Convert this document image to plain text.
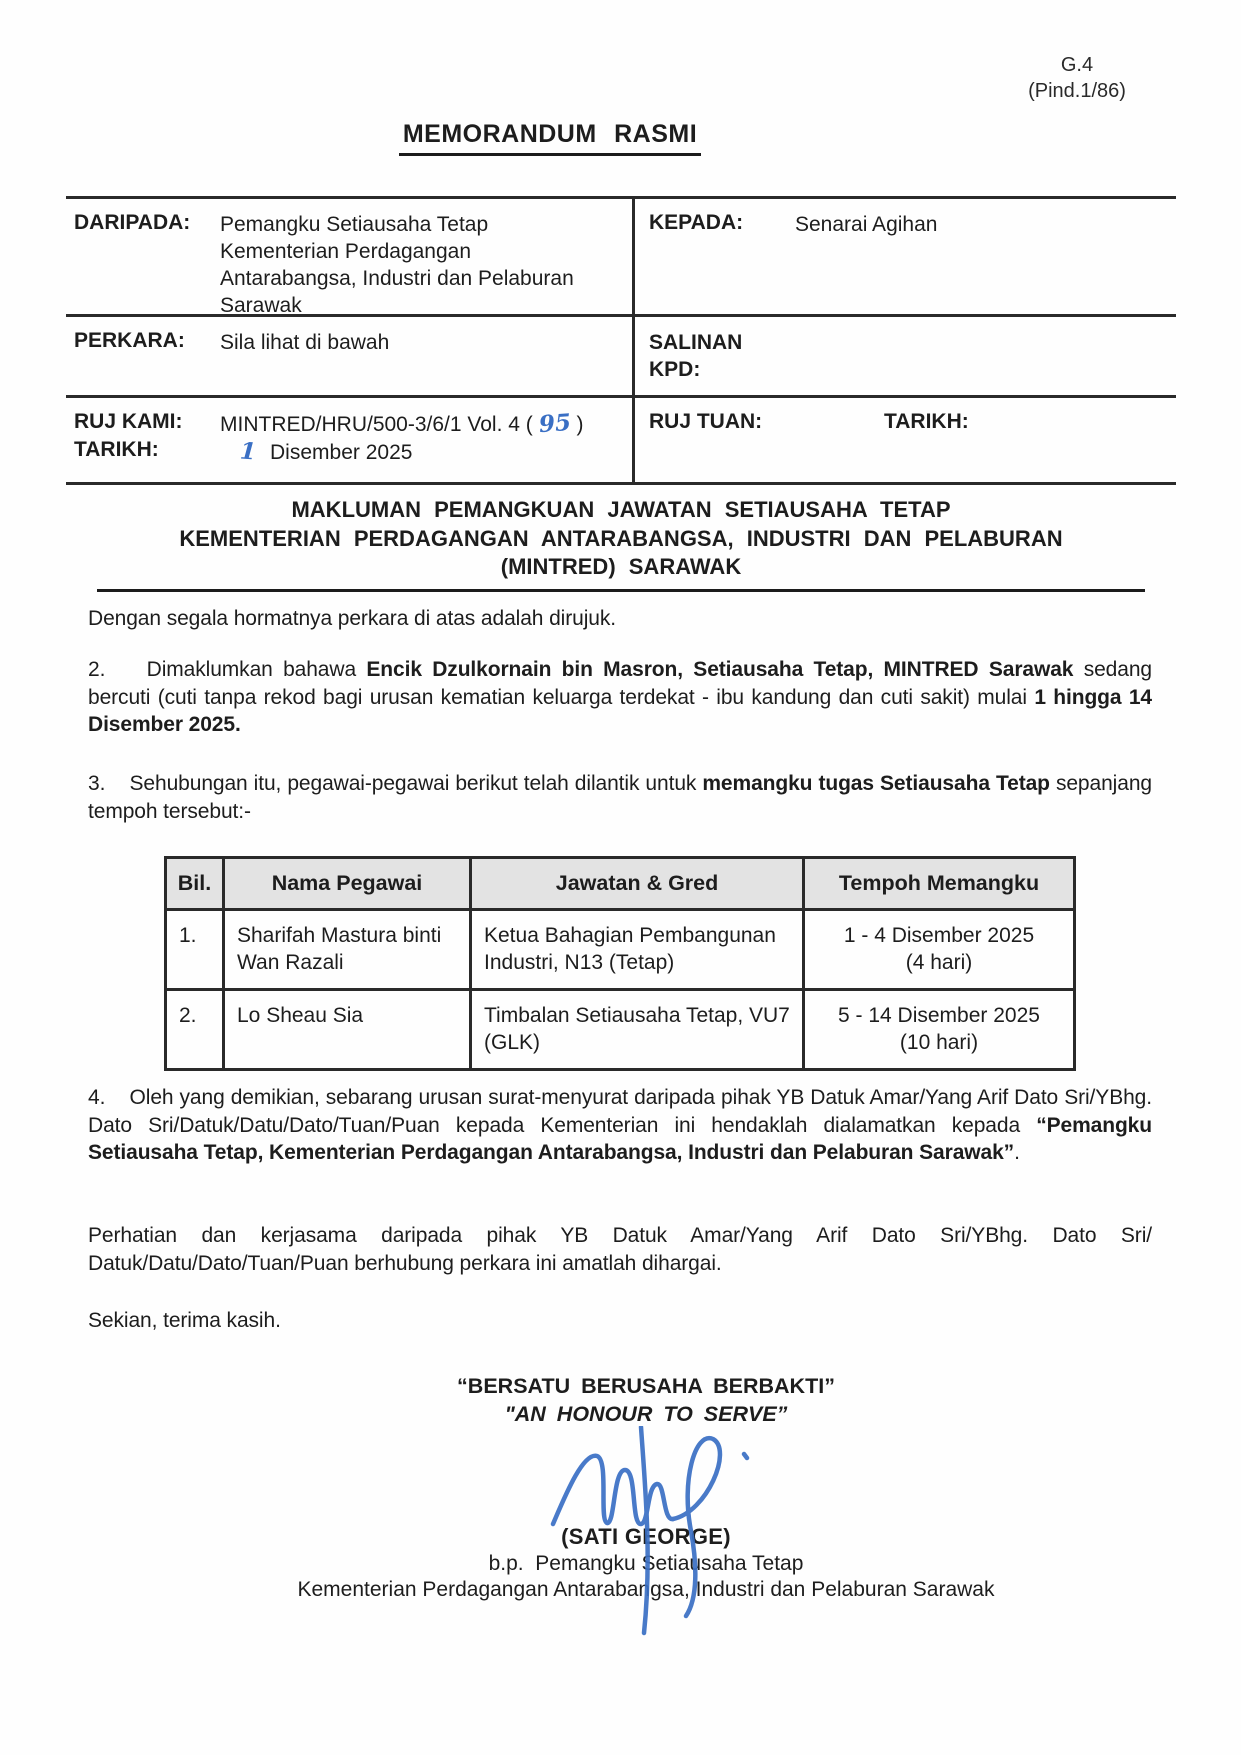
G.4
(Pind.1/86)
MEMORANDUM RASMI
DARIPADA:	Pemangku Setiausaha Tetap
Kementerian Perdagangan
Antarabangsa, Industri dan Pelaburan
Sarawak
KEPADA:	Senarai Agihan
PERKARA:	Sila lihat di bawah	SALINAN
KPD:
RUJ KAMI:	MINTRED/HRU/500-3/6/1 Vol. 4 ( 95 )
TARIKH:	1 Disember 2025
RUJ TUAN:	TARIKH:
MAKLUMAN PEMANGKUAN JAWATAN SETIAUSAHA TETAP
KEMENTERIAN PERDAGANGAN ANTARABANGSA, INDUSTRI DAN PELABURAN
(MINTRED) SARAWAK
Dengan segala hormatnya perkara di atas adalah dirujuk.
2.    Dimaklumkan bahawa Encik Dzulkornain bin Masron, Setiausaha Tetap, MINTRED Sarawak sedang bercuti (cuti tanpa rekod bagi urusan kematian keluarga terdekat - ibu kandung dan cuti sakit) mulai 1 hingga 14 Disember 2025.
3.    Sehubungan itu, pegawai-pegawai berikut telah dilantik untuk memangku tugas Setiausaha Tetap sepanjang tempoh tersebut:-
4.    Oleh yang demikian, sebarang urusan surat-menyurat daripada pihak YB Datuk Amar/Yang Arif Dato Sri/YBhg. Dato Sri/Datuk/Datu/Dato/Tuan/Puan kepada Kementerian ini hendaklah dialamatkan kepada “Pemangku Setiausaha Tetap, Kementerian Perdagangan Antarabangsa, Industri dan Pelaburan Sarawak”.
Perhatian dan kerjasama daripada pihak YB Datuk Amar/Yang Arif Dato Sri/YBhg. Dato Sri/ Datuk/Datu/Dato/Tuan/Puan berhubung perkara ini amatlah dihargai.
Sekian, terima kasih.
Bil.	Nama Pegawai	Jawatan & Gred	Tempoh Memangku
1.	Sharifah Mastura binti Wan Razali	Ketua Bahagian Pembangunan Industri, N13 (Tetap)	1 - 4 Disember 2025
(4 hari)

2.	Lo Sheau Sia	Timbalan Setiausaha Tetap, VU7 (GLK)	5 - 14 Disember 2025
(10 hari)
“BERSATU BERUSAHA BERBAKTI”
"AN HONOUR TO SERVE”
(SATI GEORGE)
b.p.  Pemangku Setiausaha Tetap
Kementerian Perdagangan Antarabangsa, Industri dan Pelaburan Sarawak
